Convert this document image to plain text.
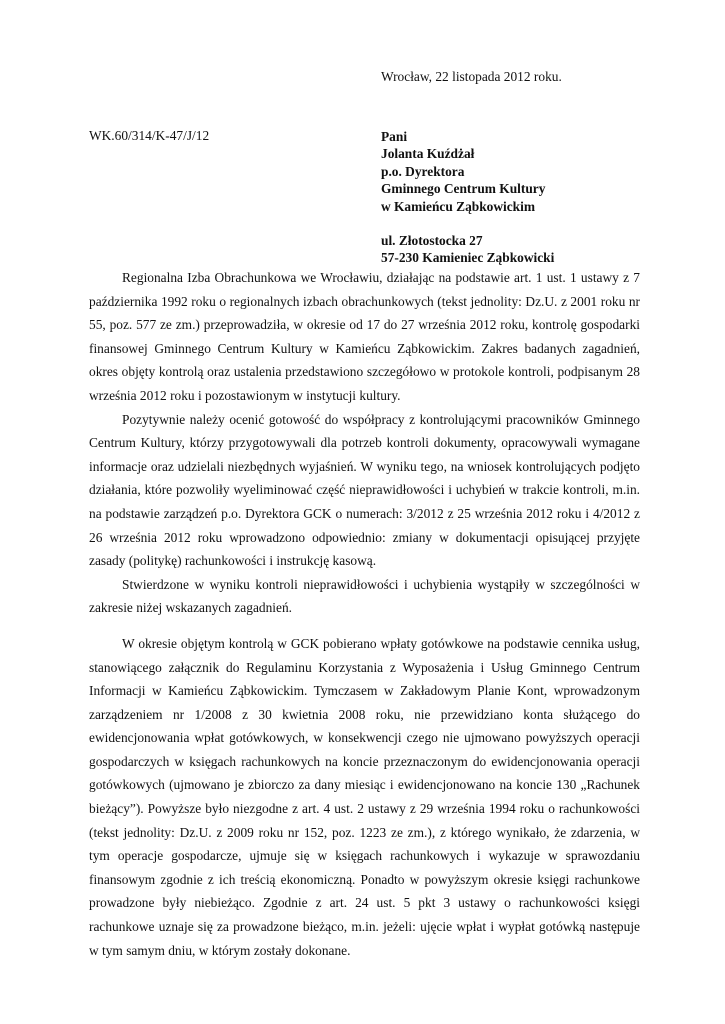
Wrocław, 22 listopada 2012 roku.
WK.60/314/K-47/J/12	Pani
Jolanta Kuźdżał
p.o. Dyrektora
Gminnego Centrum Kultury
w Kamieńcu Ząbkowickim
ul. Złotostocka 27
57-230 Kamieniec Ząbkowicki

Regionalna Izba Obrachunkowa we Wrocławiu, działając na podstawie art. 1 ust. 1 ustawy z 7 października 1992 roku o regionalnych izbach obrachunkowych (tekst jednolity: Dz.U. z 2001 roku nr 55, poz. 577 ze zm.) przeprowadziła, w okresie od 17 do 27 września 2012 roku, kontrolę gospodarki finansowej Gminnego Centrum Kultury w Kamieńcu Ząbkowickim. Zakres badanych zagadnień, okres objęty kontrolą oraz ustalenia przedstawiono szczegółowo w protokole kontroli, podpisanym 28 września 2012 roku i pozostawionym w instytucji kultury.

Pozytywnie należy ocenić gotowość do współpracy z kontrolującymi pracowników Gminnego Centrum Kultury, którzy przygotowywali dla potrzeb kontroli dokumenty, opracowywali wymagane informacje oraz udzielali niezbędnych wyjaśnień. W wyniku tego, na wniosek kontrolujących podjęto działania, które pozwoliły wyeliminować część nieprawidłowości i uchybień w trakcie kontroli, m.in. na podstawie zarządzeń p.o. Dyrektora GCK o numerach: 3/2012 z 25 września 2012 roku i 4/2012 z 26 września 2012 roku wprowadzono odpowiednio: zmiany w dokumentacji opisującej przyjęte zasady (politykę) rachunkowości i instrukcję kasową.

Stwierdzone w wyniku kontroli nieprawidłowości i uchybienia wystąpiły w szczególności w zakresie niżej wskazanych zagadnień.

W okresie objętym kontrolą w GCK pobierano wpłaty gotówkowe na podstawie cennika usług, stanowiącego załącznik do Regulaminu Korzystania z Wyposażenia i Usług Gminnego Centrum Informacji w Kamieńcu Ząbkowickim. Tymczasem w Zakładowym Planie Kont, wprowadzonym zarządzeniem nr 1/2008 z 30 kwietnia 2008 roku, nie przewidziano konta służącego do ewidencjonowania wpłat gotówkowych, w konsekwencji czego nie ujmowano powyższych operacji gospodarczych w księgach rachunkowych na koncie przeznaczonym do ewidencjonowania operacji gotówkowych (ujmowano je zbiorczo za dany miesiąc i ewidencjonowano na koncie 130 „Rachunek bieżący”). Powyższe było niezgodne z art. 4 ust. 2 ustawy z 29 września 1994 roku o rachunkowości (tekst jednolity: Dz.U. z 2009 roku nr 152, poz. 1223 ze zm.), z którego wynikało, że zdarzenia, w tym operacje gospodarcze, ujmuje się w księgach rachunkowych i wykazuje w sprawozdaniu finansowym zgodnie z ich treścią ekonomiczną. Ponadto w powyższym okresie księgi rachunkowe prowadzone były niebieżąco. Zgodnie z art. 24 ust. 5 pkt 3 ustawy o rachunkowości księgi rachunkowe uznaje się za prowadzone bieżąco, m.in. jeżeli: ujęcie wpłat i wypłat gotówką następuje w tym samym dniu, w którym zostały dokonane.
